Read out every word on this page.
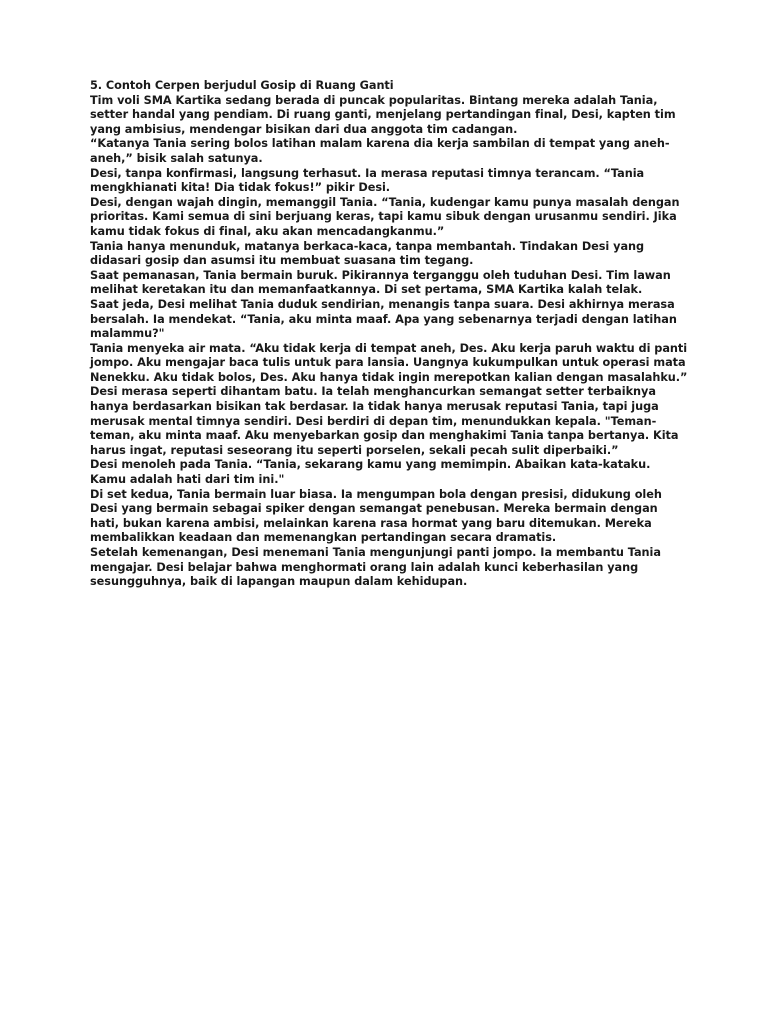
5. Contoh Cerpen berjudul Gosip di Ruang Ganti

Tim voli SMA Kartika sedang berada di puncak popularitas. Bintang mereka adalah Tania, setter handal yang pendiam. Di ruang ganti, menjelang pertandingan final, Desi, kapten tim yang ambisius, mendengar bisikan dari dua anggota tim cadangan.

“Katanya Tania sering bolos latihan malam karena dia kerja sambilan di tempat yang aneh-aneh,” bisik salah satunya.

Desi, tanpa konfirmasi, langsung terhasut. Ia merasa reputasi timnya terancam. “Tania mengkhianati kita! Dia tidak fokus!” pikir Desi.

Desi, dengan wajah dingin, memanggil Tania. “Tania, kudengar kamu punya masalah dengan prioritas. Kami semua di sini berjuang keras, tapi kamu sibuk dengan urusanmu sendiri. Jika kamu tidak fokus di final, aku akan mencadangkanmu.”

Tania hanya menunduk, matanya berkaca-kaca, tanpa membantah. Tindakan Desi yang didasari gosip dan asumsi itu membuat suasana tim tegang.

Saat pemanasan, Tania bermain buruk. Pikirannya terganggu oleh tuduhan Desi. Tim lawan melihat keretakan itu dan memanfaatkannya. Di set pertama, SMA Kartika kalah telak.

Saat jeda, Desi melihat Tania duduk sendirian, menangis tanpa suara. Desi akhirnya merasa bersalah. Ia mendekat. “Tania, aku minta maaf. Apa yang sebenarnya terjadi dengan latihan malammu?"

Tania menyeka air mata. “Aku tidak kerja di tempat aneh, Des. Aku kerja paruh waktu di panti jompo. Aku mengajar baca tulis untuk para lansia. Uangnya kukumpulkan untuk operasi mata Nenekku. Aku tidak bolos, Des. Aku hanya tidak ingin merepotkan kalian dengan masalahku.”

Desi merasa seperti dihantam batu. Ia telah menghancurkan semangat setter terbaiknya hanya berdasarkan bisikan tak berdasar. Ia tidak hanya merusak reputasi Tania, tapi juga merusak mental timnya sendiri. Desi berdiri di depan tim, menundukkan kepala. "Teman-teman, aku minta maaf. Aku menyebarkan gosip dan menghakimi Tania tanpa bertanya. Kita harus ingat, reputasi seseorang itu seperti porselen, sekali pecah sulit diperbaiki.”

Desi menoleh pada Tania. “Tania, sekarang kamu yang memimpin. Abaikan kata-kataku. Kamu adalah hati dari tim ini."

Di set kedua, Tania bermain luar biasa. Ia mengumpan bola dengan presisi, didukung oleh Desi yang bermain sebagai spiker dengan semangat penebusan. Mereka bermain dengan hati, bukan karena ambisi, melainkan karena rasa hormat yang baru ditemukan. Mereka membalikkan keadaan dan memenangkan pertandingan secara dramatis.

Setelah kemenangan, Desi menemani Tania mengunjungi panti jompo. Ia membantu Tania mengajar. Desi belajar bahwa menghormati orang lain adalah kunci keberhasilan yang sesungguhnya, baik di lapangan maupun dalam kehidupan.
